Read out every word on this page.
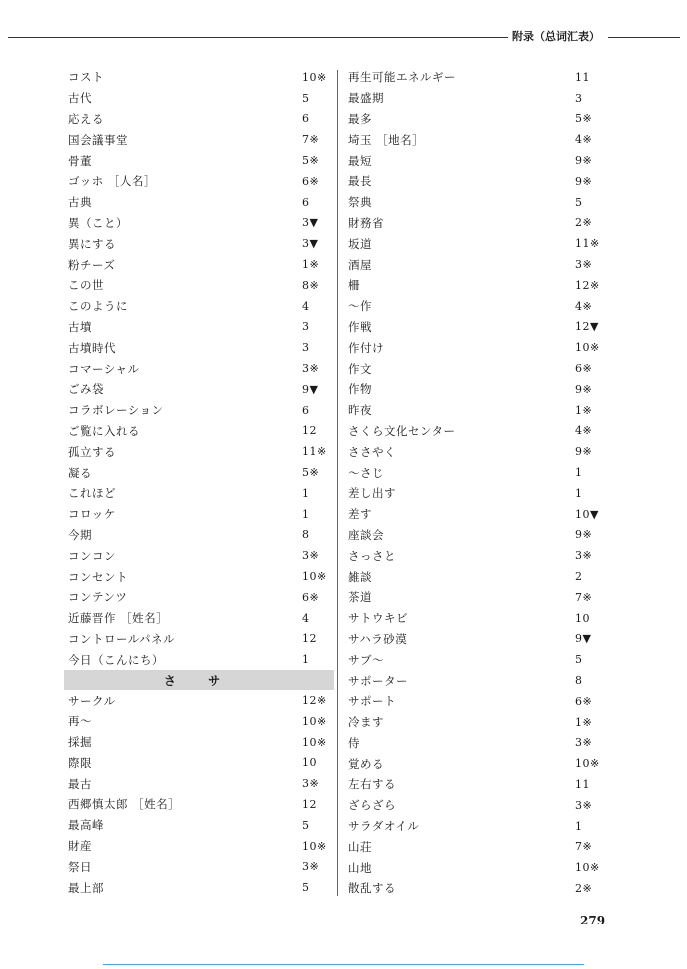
附录（总词汇表）
コスト	10※
古代	5
応える	6
国会議事堂	7※
骨董	5※
ゴッホ ［人名］	6※
古典	6
異（こと）	3▼
異にする	3▼
粉チーズ	1※
この世	8※
このように	4
古墳	3
古墳時代	3
コマーシャル	3※
ごみ袋	9▼
コラボレーション	6
ご覧に入れる	12
孤立する	11※
凝る	5※
これほど	1
コロッケ	1
今期	8
コンコン	3※
コンセント	10※
コンテンツ	6※
近藤晋作 ［姓名］	4
コントロールパネル	12
今日（こんにち）	1
さ サ
サークル	12※
再～	10※
採掘	10※
際限	10
最古	3※
西郷慎太郎 ［姓名］	12
最高峰	5
財産	10※
祭日	3※
最上部	5
再生可能エネルギー	11
最盛期	3
最多	5※
埼玉 ［地名］	4※
最短	9※
最長	9※
祭典	5
財務省	2※
坂道	11※
酒屋	3※
柵	12※
～作	4※
作戦	12▼
作付け	10※
作文	6※
作物	9※
昨夜	1※
さくら文化センター	4※
ささやく	9※
～さじ	1
差し出す	1
差す	10▼
座談会	9※
さっさと	3※
雑談	2
茶道	7※
サトウキビ	10
サハラ砂漠	9▼
サブ～	5
サポーター	8
サポート	6※
冷ます	1※
侍	3※
覚める	10※
左右する	11
ざらざら	3※
サラダオイル	1
山荘	7※
山地	10※
散乱する	2※
279
